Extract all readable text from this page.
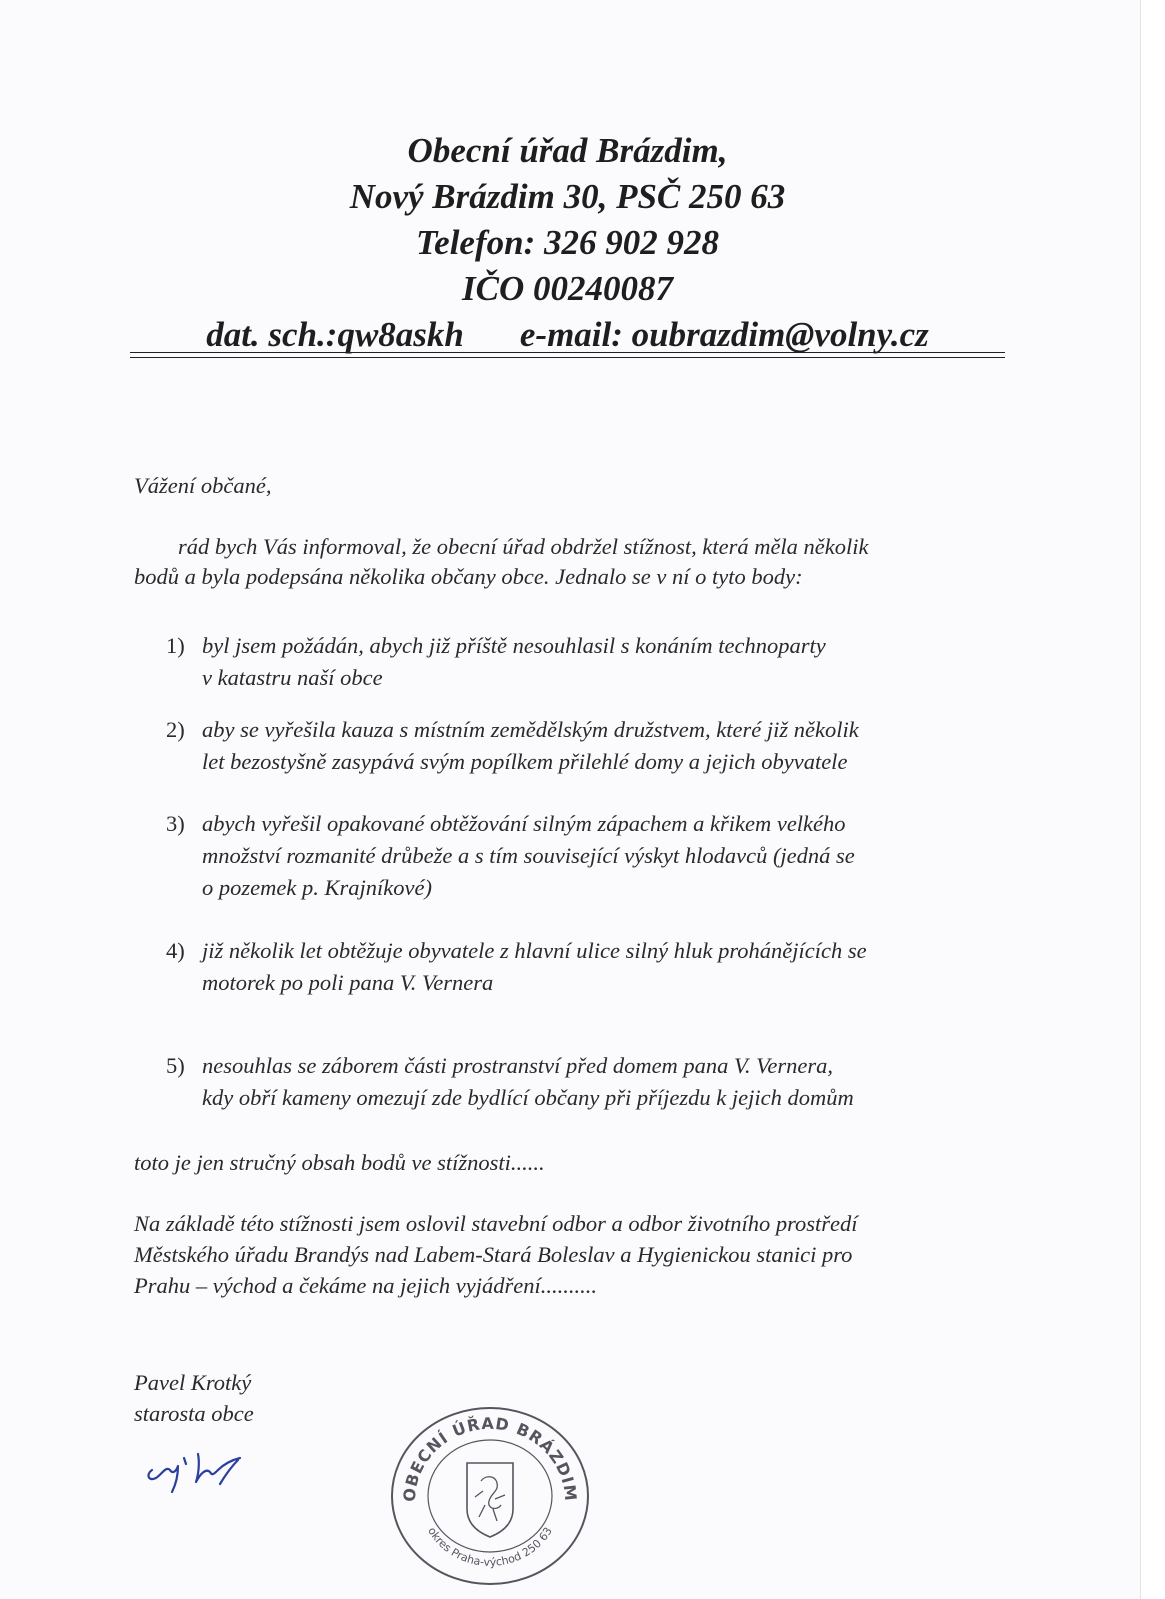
Obecní úřad Brázdim,
Nový Brázdim 30, PSČ 250 63
Telefon: 326 902 928
IČO 00240087
dat. sch.:qw8askh e-mail: oubrazdim@volny.cz
Vážení občané,
rád bych Vás informoval, že obecní úřad obdržel stížnost, která měla několik
bodů a byla podepsána několika občany obce. Jednalo se v ní o tyto body:
1) byl jsem požádán, abych již příště nesouhlasil s konáním technoparty
v katastru naší obce
2) aby se vyřešila kauza s místním zemědělským družstvem, které již několik
let bezostyšně zasypává svým popílkem přilehlé domy a jejich obyvatele
3) abych vyřešil opakované obtěžování silným zápachem a křikem velkého
množství rozmanité drůbeže a s tím související výskyt hlodavců (jedná se
o pozemek p. Krajníkové)
4) již několik let obtěžuje obyvatele z hlavní ulice silný hluk prohánějících se
motorek po poli pana V. Vernera
5) nesouhlas se záborem části prostranství před domem pana V. Vernera,
kdy obří kameny omezují zde bydlící občany při příjezdu k jejich domům
toto je jen stručný obsah bodů ve stížnosti......
Na základě této stížnosti jsem oslovil stavební odbor a odbor životního prostředí
Městského úřadu Brandýs nad Labem-Stará Boleslav a Hygienickou stanici pro
Prahu – východ a čekáme na jejich vyjádření..........
Pavel Krotký
starosta obce
OBECNÍ ÚŘAD BRÁZDIM
okres Praha-východ 250 63
